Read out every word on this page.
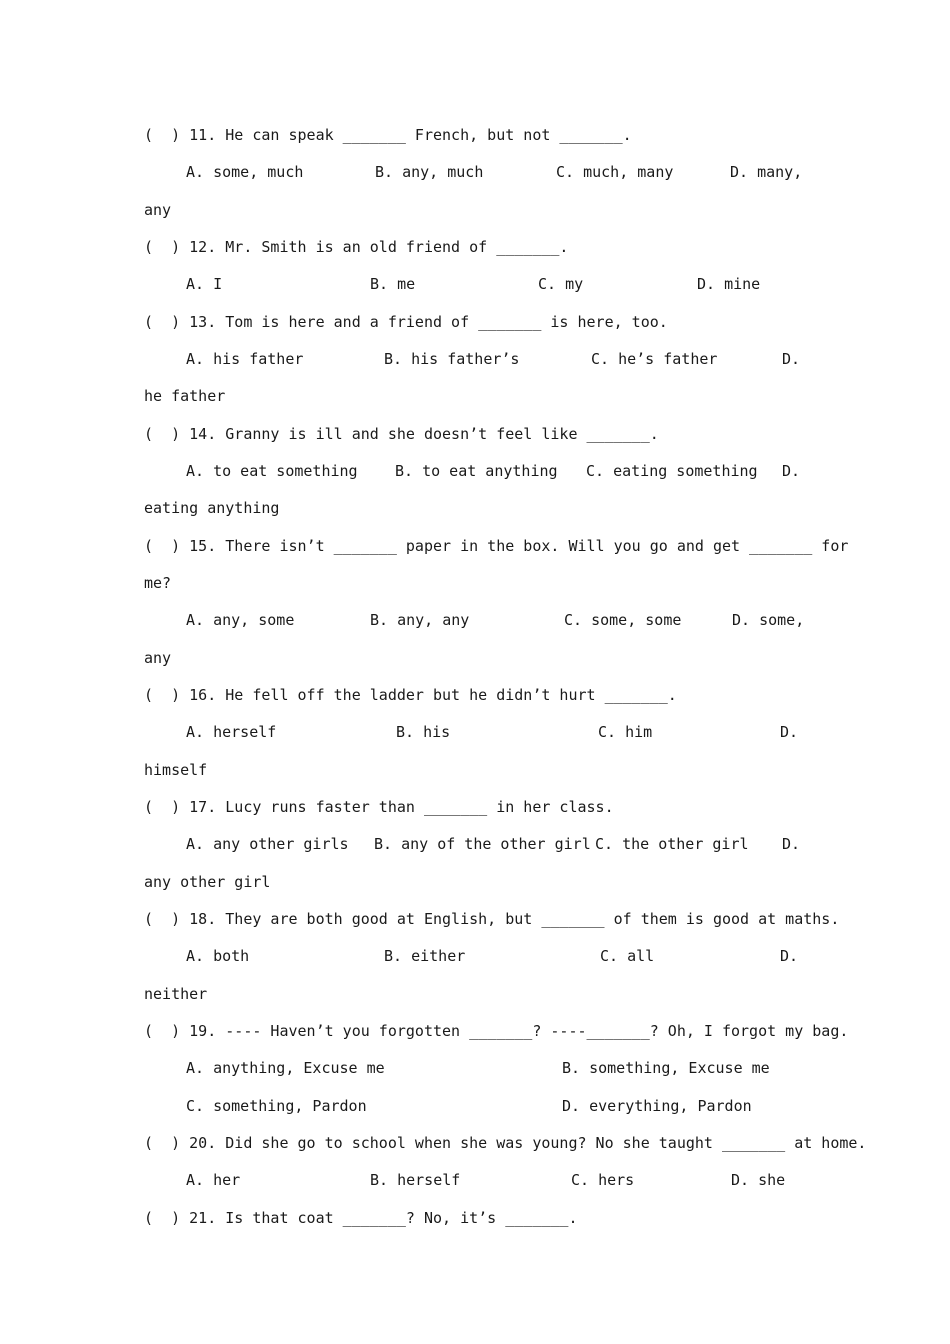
(  ) 11. He can speak _______ French, but not _______.
A. some, much	B. any, much	C. much, many	D. many,
any
(  ) 12. Mr. Smith is an old friend of _______.
A. I	B. me	C. my	D. mine
(  ) 13. Tom is here and a friend of _______ is here, too.
A. his father	B. his father’s	C. he’s father	D.
he father
(  ) 14. Granny is ill and she doesn’t feel like _______.
A. to eat something B. to eat anything C. eating something D.
eating anything
(  ) 15. There isn’t _______ paper in the box. Will you go and get _______ for
me?
A. any, some	B. any, any	C. some, some	D. some,
any
(  ) 16. He fell off the ladder but he didn’t hurt _______.
A. herself	B. his	C. him	D.
himself
(  ) 17. Lucy runs faster than _______ in her class.
A. any other girls B. any of the other girl C. the other girl D.
any other girl
(  ) 18. They are both good at English, but _______ of them is good at maths.
A. both	B. either	C. all	D.
neither
(  ) 19. ---- Haven’t you forgotten _______? ----_______? Oh, I forgot my bag.
A. anything, Excuse me	B. something, Excuse me
C. something, Pardon	D. everything, Pardon
(  ) 20. Did she go to school when she was young? No she taught _______ at home.
A. her	B. herself	C. hers	D. she
(  ) 21. Is that coat _______? No, it’s _______.
